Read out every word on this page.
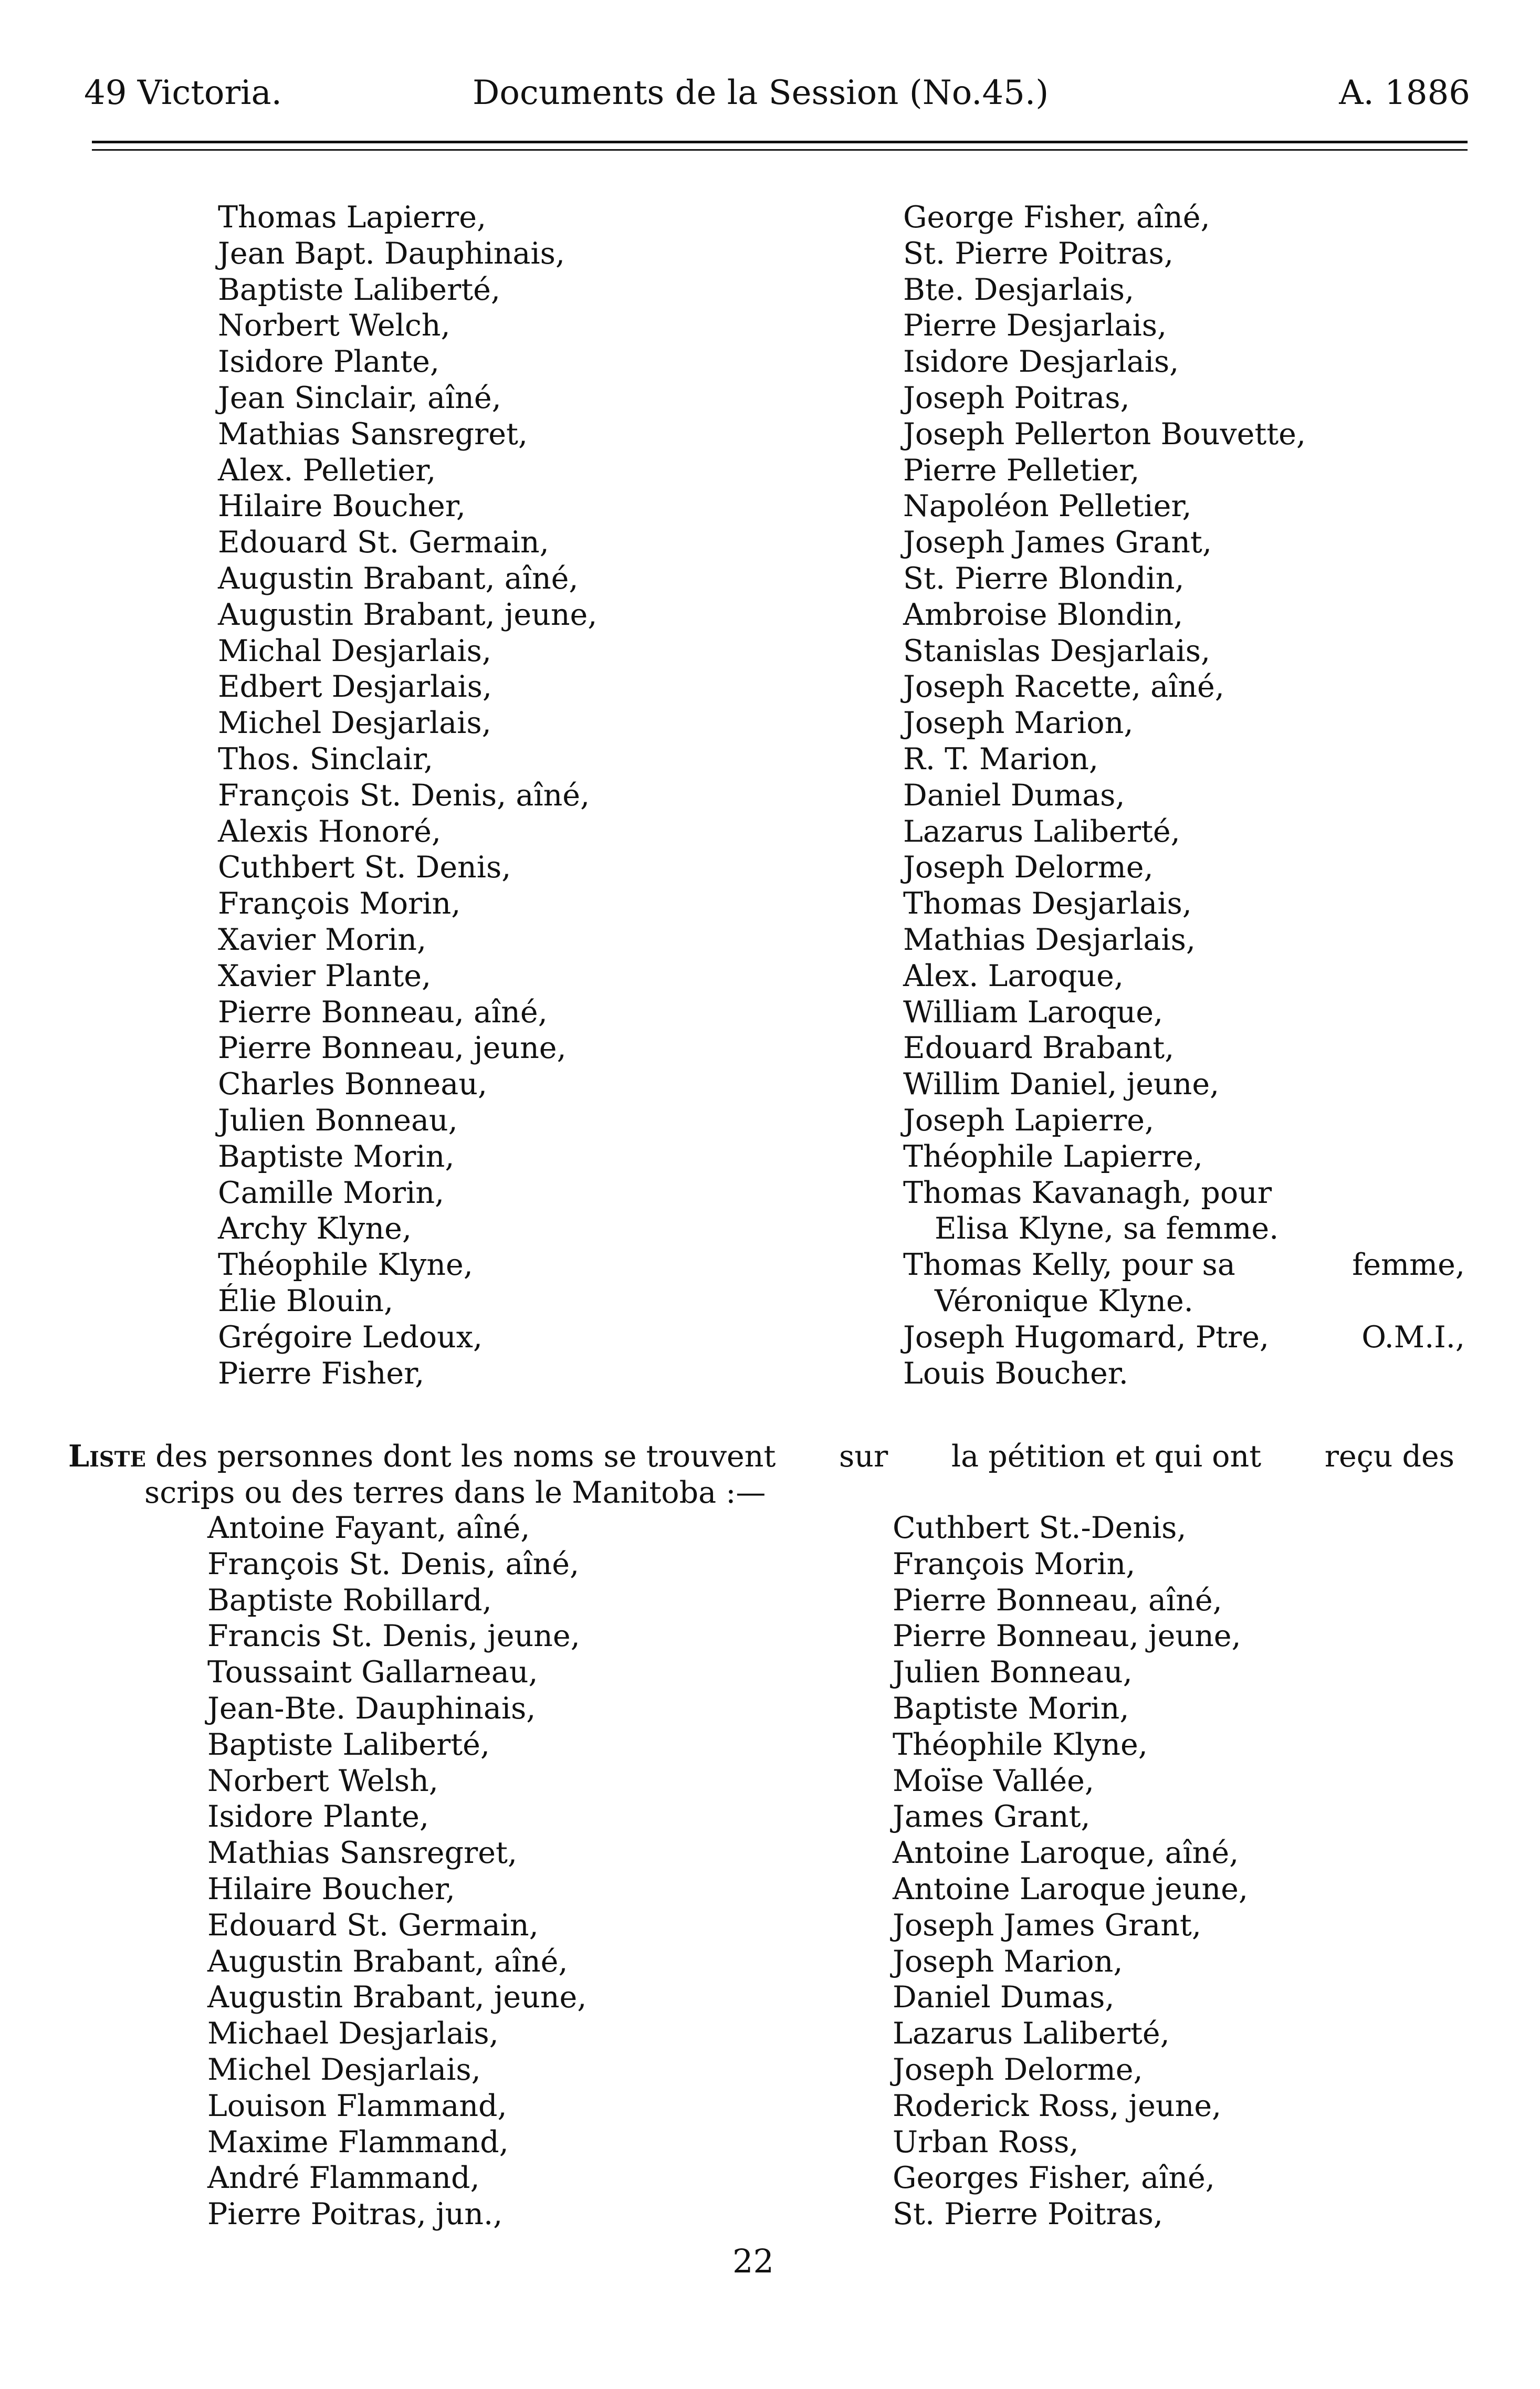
49 Victoria.	Documents de la Session (No.45.)	A. 1886
Thomas Lapierre,
Jean Bapt. Dauphinais,
Baptiste Laliberté,
Norbert Welch,
Isidore Plante,
Jean Sinclair, aîné,
Mathias Sansregret,
Alex. Pelletier,
Hilaire Boucher,
Edouard St. Germain,
Augustin Brabant, aîné,
Augustin Brabant, jeune,
Michal Desjarlais,
Edbert Desjarlais,
Michel Desjarlais,
Thos. Sinclair,
François St. Denis, aîné,
Alexis Honoré,
Cuthbert St. Denis,
François Morin,
Xavier Morin,
Xavier Plante,
Pierre Bonneau, aîné,
Pierre Bonneau, jeune,
Charles Bonneau,
Julien Bonneau,
Baptiste Morin,
Camille Morin,
Archy Klyne,
Théophile Klyne,
Élie Blouin,
Grégoire Ledoux,
Pierre Fisher,
George Fisher, aîné,
St. Pierre Poitras,
Bte. Desjarlais,
Pierre Desjarlais,
Isidore Desjarlais,
Joseph Poitras,
Joseph Pellerton Bouvette,
Pierre Pelletier,
Napoléon Pelletier,
Joseph James Grant,
St. Pierre Blondin,
Ambroise Blondin,
Stanislas Desjarlais,
Joseph Racette, aîné,
Joseph Marion,
R. T. Marion,
Daniel Dumas,
Lazarus Laliberté,
Joseph Delorme,
Thomas Desjarlais,
Mathias Desjarlais,
Alex. Laroque,
William Laroque,
Edouard Brabant,
Willim Daniel, jeune,
Joseph Lapierre,
Théophile Lapierre,
Thomas Kavanagh, pour
Elisa Klyne, sa femme.
Thomas Kelly, pour sa	femme,
Véronique Klyne.
Joseph Hugomard, Ptre,	O.M.I.,
Louis Boucher.
Liste des personnes dont les noms se trouvent sur la pétition et qui ont reçu des
scrips ou des terres dans le Manitoba :—
Antoine Fayant, aîné,
François St. Denis, aîné,
Baptiste Robillard,
Francis St. Denis, jeune,
Toussaint Gallarneau,
Jean-Bte. Dauphinais,
Baptiste Laliberté,
Norbert Welsh,
Isidore Plante,
Mathias Sansregret,
Hilaire Boucher,
Edouard St. Germain,
Augustin Brabant, aîné,
Augustin Brabant, jeune,
Michael Desjarlais,
Michel Desjarlais,
Louison Flammand,
Maxime Flammand,
André Flammand,
Pierre Poitras, jun.,
Cuthbert St.-Denis,
François Morin,
Pierre Bonneau, aîné,
Pierre Bonneau, jeune,
Julien Bonneau,
Baptiste Morin,
Théophile Klyne,
Moïse Vallée,
James Grant,
Antoine Laroque, aîné,
Antoine Laroque jeune,
Joseph James Grant,
Joseph Marion,
Daniel Dumas,
Lazarus Laliberté,
Joseph Delorme,
Roderick Ross, jeune,
Urban Ross,
Georges Fisher, aîné,
St. Pierre Poitras,
22
